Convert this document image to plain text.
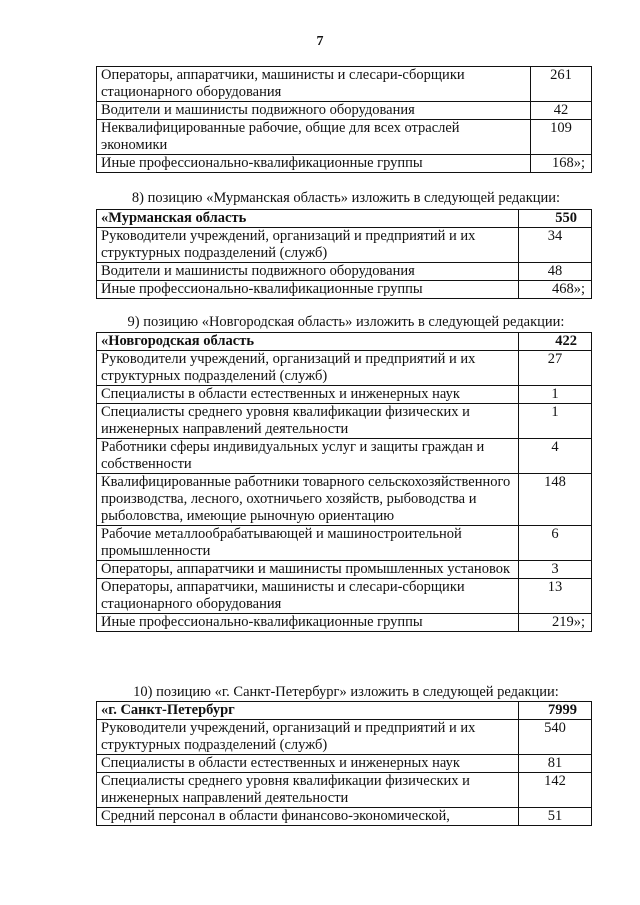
7
Операторы, аппаратчики, машинисты и слесари-сборщики стационарного оборудования	261
Водители и машинисты подвижного оборудования	42
Неквалифицированные рабочие, общие для всех отраслей экономики	109
Иные профессионально-квалификационные группы	168»;
8) позицию «Мурманская область» изложить в следующей редакции:
«Мурманская область	550
Руководители учреждений, организаций и предприятий и их структурных подразделений (служб)	34
Водители и машинисты подвижного оборудования	48
Иные профессионально-квалификационные группы	468»;
9) позицию «Новгородская область» изложить в следующей редакции:
«Новгородская область	422
Руководители учреждений, организаций и предприятий и их структурных подразделений (служб)	27
Специалисты в области естественных и инженерных наук	1
Специалисты среднего уровня квалификации физических и инженерных направлений деятельности	1
Работники сферы индивидуальных услуг и защиты граждан и собственности	4
Квалифицированные работники товарного сельскохозяйственного производства, лесного, охотничьего хозяйств, рыбоводства и рыболовства, имеющие рыночную ориентацию	148
Рабочие металлообрабатывающей и машиностроительной промышленности	6
Операторы, аппаратчики и машинисты промышленных установок	3
Операторы, аппаратчики, машинисты и слесари-сборщики стационарного оборудования	13
Иные профессионально-квалификационные группы	219»;
10) позицию «г. Санкт-Петербург» изложить в следующей редакции:
«г. Санкт-Петербург	7999
Руководители учреждений, организаций и предприятий и их структурных подразделений (служб)	540
Специалисты в области естественных и инженерных наук	81
Специалисты среднего уровня квалификации физических и инженерных направлений деятельности	142
Средний персонал в области финансово-экономической,	51
